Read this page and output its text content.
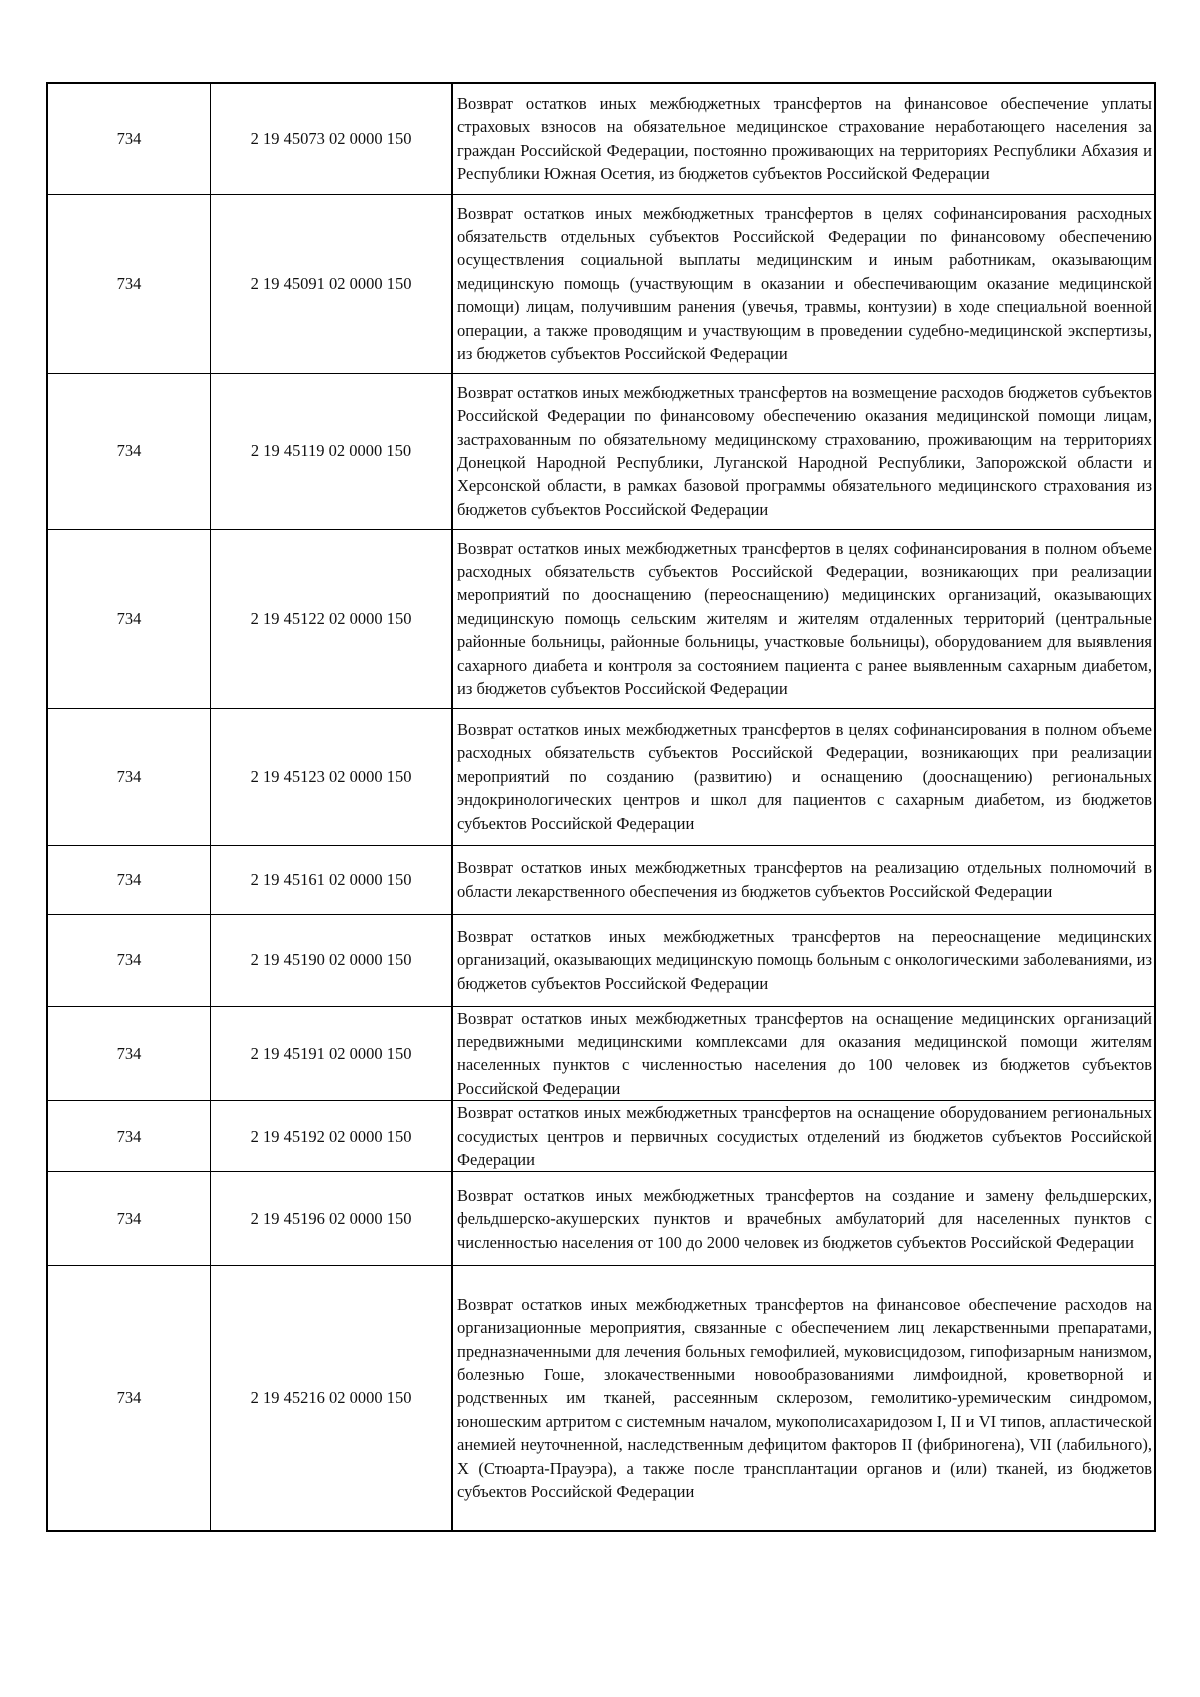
734	2 19 45073 02 0000 150	Возврат остатков иных межбюджетных трансфертов на финансовое обеспечение уплаты страховых взносов на обязательное медицинское страхование неработающего населения за граждан Российской Федерации, постоянно проживающих на территориях Республики Абхазия и Республики Южная Осетия, из бюджетов субъектов Российской Федерации
734	2 19 45091 02 0000 150	Возврат остатков иных межбюджетных трансфертов в целях софинансирования расходных обязательств отдельных субъектов Российской Федерации по финансовому обеспечению осуществления социальной выплаты медицинским и иным работникам, оказывающим медицинскую помощь (участвующим в оказании и обеспечивающим оказание медицинской помощи) лицам, получившим ранения (увечья, травмы, контузии) в ходе специальной военной операции, а также проводящим и участвующим в проведении судебно-медицинской экспертизы, из бюджетов субъектов Российской Федерации
734	2 19 45119 02 0000 150	Возврат остатков иных межбюджетных трансфертов на возмещение расходов бюджетов субъектов Российской Федерации по финансовому обеспечению оказания медицинской помощи лицам, застрахованным по обязательному медицинскому страхованию, проживающим на территориях Донецкой Народной Республики, Луганской Народной Республики, Запорожской области и Херсонской области, в рамках базовой программы обязательного медицинского страхования из бюджетов субъектов Российской Федерации
734	2 19 45122 02 0000 150	Возврат остатков иных межбюджетных трансфертов в целях софинансирования в полном объеме расходных обязательств субъектов Российской Федерации, возникающих при реализации мероприятий по дооснащению (переоснащению) медицинских организаций, оказывающих медицинскую помощь сельским жителям и жителям отдаленных территорий (центральные районные больницы, районные больницы, участковые больницы), оборудованием для выявления сахарного диабета и контроля за состоянием пациента с ранее выявленным сахарным диабетом, из бюджетов субъектов Российской Федерации
734	2 19 45123 02 0000 150	Возврат остатков иных межбюджетных трансфертов в целях софинансирования в полном объеме расходных обязательств субъектов Российской Федерации, возникающих при реализации мероприятий по созданию (развитию) и оснащению (дооснащению) региональных эндокринологических центров и школ для пациентов с сахарным диабетом, из бюджетов субъектов Российской Федерации
734	2 19 45161 02 0000 150	Возврат остатков иных межбюджетных трансфертов на реализацию отдельных полномочий в области лекарственного обеспечения из бюджетов субъектов Российской Федерации
734	2 19 45190 02 0000 150	Возврат остатков иных межбюджетных трансфертов на переоснащение медицинских организаций, оказывающих медицинскую помощь больным с онкологическими заболеваниями, из бюджетов субъектов Российской Федерации
734	2 19 45191 02 0000 150	Возврат остатков иных межбюджетных трансфертов на оснащение медицинских организаций передвижными медицинскими комплексами для оказания медицинской помощи жителям населенных пунктов с численностью населения до 100 человек из бюджетов субъектов Российской Федерации
734	2 19 45192 02 0000 150	Возврат остатков иных межбюджетных трансфертов на оснащение оборудованием региональных сосудистых центров и первичных сосудистых отделений из бюджетов субъектов Российской Федерации
734	2 19 45196 02 0000 150	Возврат остатков иных межбюджетных трансфертов на создание и замену фельдшерских, фельдшерско-акушерских пунктов и врачебных амбулаторий для населенных пунктов с численностью населения от 100 до 2000 человек из бюджетов субъектов Российской Федерации
734	2 19 45216 02 0000 150	Возврат остатков иных межбюджетных трансфертов на финансовое обеспечение расходов на организационные мероприятия, связанные с обеспечением лиц лекарственными препаратами, предназначенными для лечения больных гемофилией, муковисцидозом, гипофизарным нанизмом, болезнью Гоше, злокачественными новообразованиями лимфоидной, кроветворной и родственных им тканей, рассеянным склерозом, гемолитико-уремическим синдромом, юношеским артритом с системным началом, мукополисахаридозом I, II и VI типов, апластической анемией неуточненной, наследственным дефицитом факторов II (фибриногена), VII (лабильного), X (Стюарта-Прауэра), а также после трансплантации органов и (или) тканей, из бюджетов субъектов Российской Федерации
